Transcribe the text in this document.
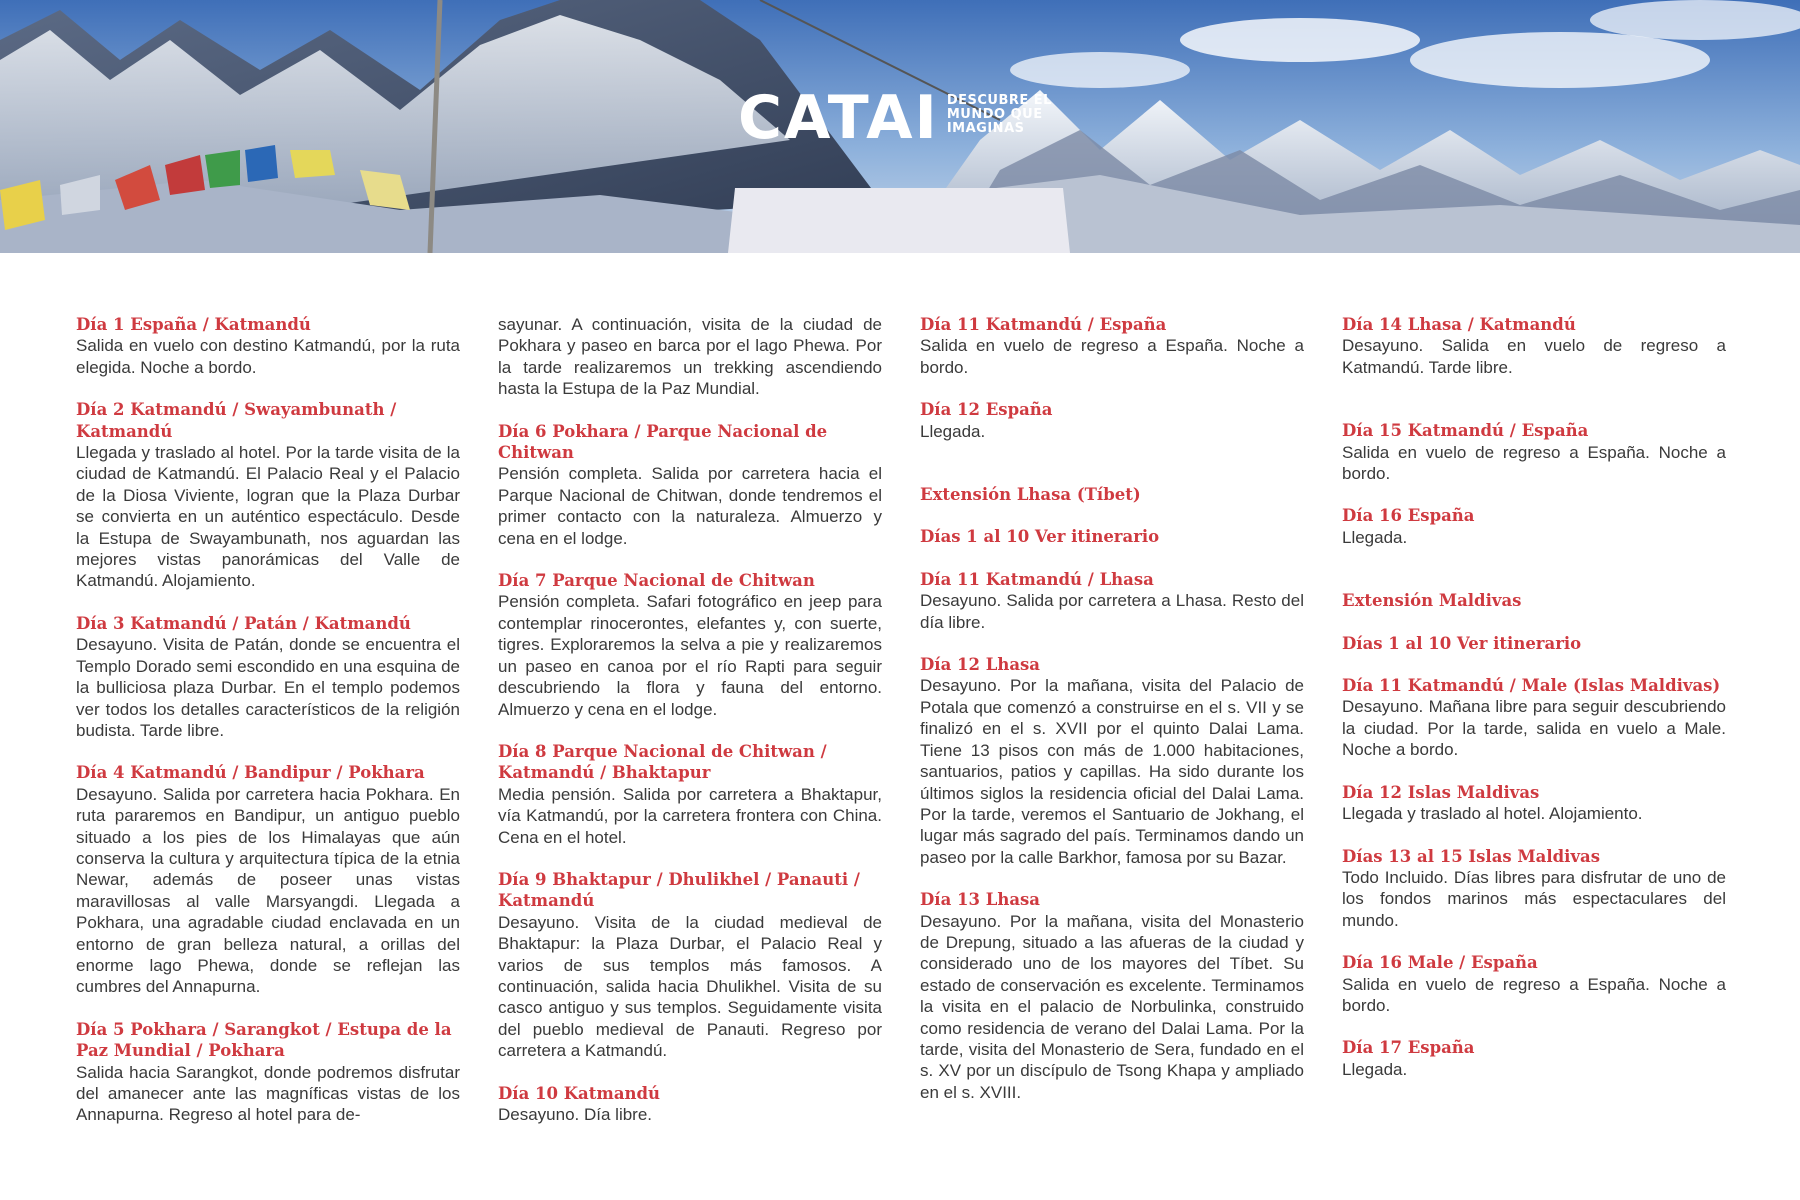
CATAI DESCUBRE EL
MUNDO QUE
IMAGINAS
Día 1 España / Katmandú
Salida en vuelo con destino Katmandú, por la ruta elegida. Noche a bordo.
Día 2 Katmandú / Swayambunath / Katmandú
Llegada y traslado al hotel. Por la tarde visita de la ciudad de Katmandú. El Palacio Real y el Palacio de la Diosa Viviente, logran que la Plaza Durbar se convierta en un auténtico espectáculo. Desde la Estupa de Swayambunath, nos aguardan las mejores vistas panorámicas del Valle de Katmandú. Alojamiento.
Día 3 Katmandú / Patán / Katmandú
Desayuno. Visita de Patán, donde se encuentra el Templo Dorado semi escondido en una esquina de la bulliciosa plaza Durbar. En el templo podemos ver todos los detalles característicos de la religión budista. Tarde libre.
Día 4 Katmandú / Bandipur / Pokhara
Desayuno. Salida por carretera hacia Pokhara. En ruta pararemos en Bandipur, un antiguo pueblo situado a los pies de los Himalayas que aún conserva la cultura y arquitectura típica de la etnia Newar, además de poseer unas vistas maravillosas al valle Marsyangdi. Llegada a Pokhara, una agradable ciudad enclavada en un entorno de gran belleza natural, a orillas del enorme lago Phewa, donde se reflejan las cumbres del Annapurna.
Día 5 Pokhara / Sarangkot / Estupa de la Paz Mundial / Pokhara
Salida hacia Sarangkot, donde podremos disfrutar del amanecer ante las magníficas vistas de los Annapurna. Regreso al hotel para de-
sayunar. A continuación, visita de la ciudad de Pokhara y paseo en barca por el lago Phewa. Por la tarde realizaremos un trekking ascendiendo hasta la Estupa de la Paz Mundial.
Día 6 Pokhara / Parque Nacional de Chitwan
Pensión completa. Salida por carretera hacia el Parque Nacional de Chitwan, donde tendremos el primer contacto con la naturaleza. Almuerzo y cena en el lodge.
Día 7 Parque Nacional de Chitwan
Pensión completa. Safari fotográfico en jeep para contemplar rinocerontes, elefantes y, con suerte, tigres. Exploraremos la selva a pie y realizaremos un paseo en canoa por el río Rapti para seguir descubriendo la flora y fauna del entorno. Almuerzo y cena en el lodge.
Día 8 Parque Nacional de Chitwan / Katmandú / Bhaktapur
Media pensión. Salida por carretera a Bhaktapur, vía Katmandú, por la carretera frontera con China. Cena en el hotel.
Día 9 Bhaktapur / Dhulikhel / Panauti / Katmandú
Desayuno. Visita de la ciudad medieval de Bhaktapur: la Plaza Durbar, el Palacio Real y varios de sus templos más famosos. A continuación, salida hacia Dhulikhel. Visita de su casco antiguo y sus templos. Seguidamente visita del pueblo medieval de Panauti. Regreso por carretera a Katmandú.
Día 10 Katmandú
Desayuno. Día libre.
Día 11 Katmandú / España
Salida en vuelo de regreso a España. Noche a bordo.
Día 12 España
Llegada.
Extensión Lhasa (Tíbet)
Días 1 al 10 Ver itinerario
Día 11 Katmandú / Lhasa
Desayuno. Salida por carretera a Lhasa. Resto del día libre.
Día 12 Lhasa
Desayuno. Por la mañana, visita del Palacio de Potala que comenzó a construirse en el s. VII y se finalizó en el s. XVII por el quinto Dalai Lama. Tiene 13 pisos con más de 1.000 habitaciones, santuarios, patios y capillas. Ha sido durante los últimos siglos la residencia oficial del Dalai Lama. Por la tarde, veremos el Santuario de Jokhang, el lugar más sagrado del país. Terminamos dando un paseo por la calle Barkhor, famosa por su Bazar.
Día 13 Lhasa
Desayuno. Por la mañana, visita del Monasterio de Drepung, situado a las afueras de la ciudad y considerado uno de los mayores del Tíbet. Su estado de conservación es excelente. Terminamos la visita en el palacio de Norbulinka, construido como residencia de verano del Dalai Lama. Por la tarde, visita del Monasterio de Sera, fundado en el s. XV por un discípulo de Tsong Khapa y ampliado en el s. XVIII.
Día 14 Lhasa / Katmandú
Desayuno. Salida en vuelo de regreso a Katmandú. Tarde libre.
Día 15 Katmandú / España
Salida en vuelo de regreso a España. Noche a bordo.
Día 16 España
Llegada.
Extensión Maldivas
Días 1 al 10 Ver itinerario
Día 11 Katmandú / Male (Islas Maldivas)
Desayuno. Mañana libre para seguir descubriendo la ciudad. Por la tarde, salida en vuelo a Male. Noche a bordo.
Día 12 Islas Maldivas
Llegada y traslado al hotel. Alojamiento.
Días 13 al 15 Islas Maldivas
Todo Incluido. Días libres para disfrutar de uno de los fondos marinos más espectaculares del mundo.
Día 16 Male / España
Salida en vuelo de regreso a España. Noche a bordo.
Día 17 España
Llegada.
